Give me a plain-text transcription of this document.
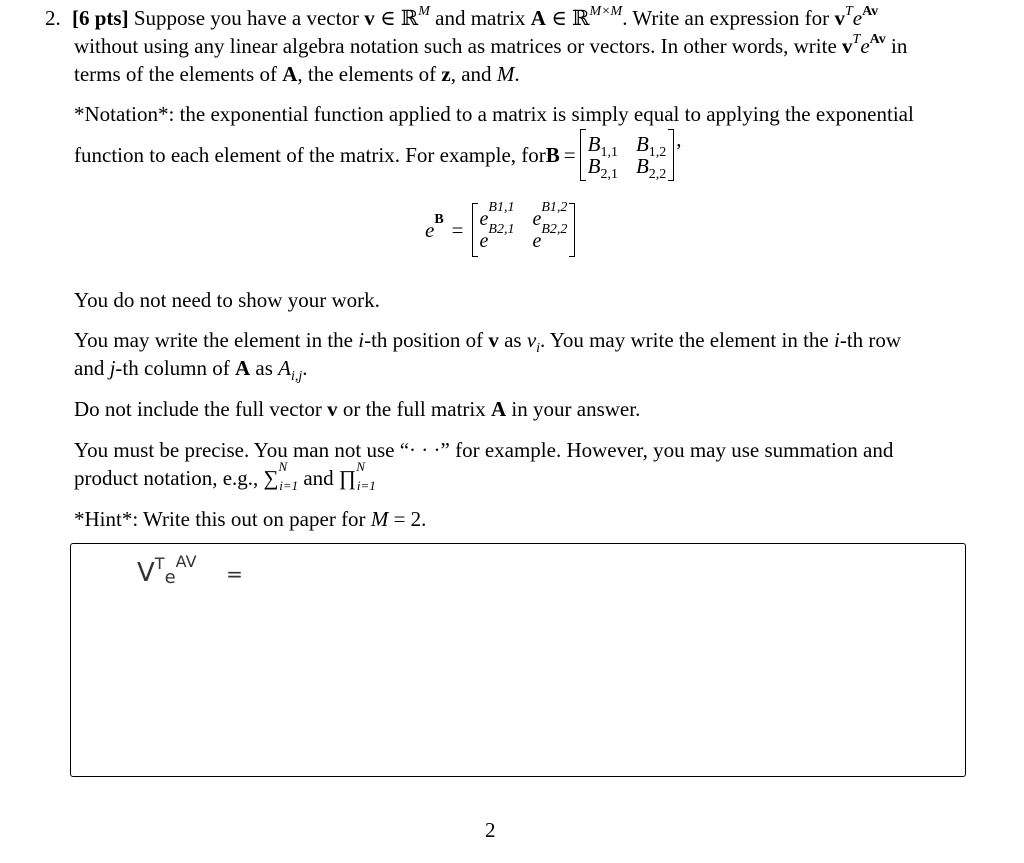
2. [6 pts] Suppose you have a vector v ∈ ℝ$^M$ and matrix A ∈ ℝ$^{M\times M}$. Write an expression for $v^Te^{Av}$
without using any linear algebra notation such as matrices or vectors. In other words, write $v^Te^{Av}$ in
terms of the elements of A, the elements of z, and M.
*Notation*: the exponential function applied to a matrix is simply equal to applying the exponential
function to each element of the matrix. For example, for $B = B_{1,1}$ $B_{1,2}$
$B_{2,1}$ $B_{2,2}$
,
$e^B = e^{B1,1}$
$e^{B1,2}$
$e^{B2,1}$
$e^{B2,2}$
You do not need to show your work.
You may write the element in the i-th position of v as $v_i$. You may write the element in the i-th row
and j-th column of A as $A_{i,j}$.
Do not include the full vector v or the full matrix A in your answer.
You must be precise. You man not use “· · ·” for example. However, you may use summation and
product notation, e.g., ∑$^N_{i=1}$ and ∏$^N_{i=1}$
*Hint*: Write this out on paper for M = 2.
$V^Te^{AV}$ =
2
